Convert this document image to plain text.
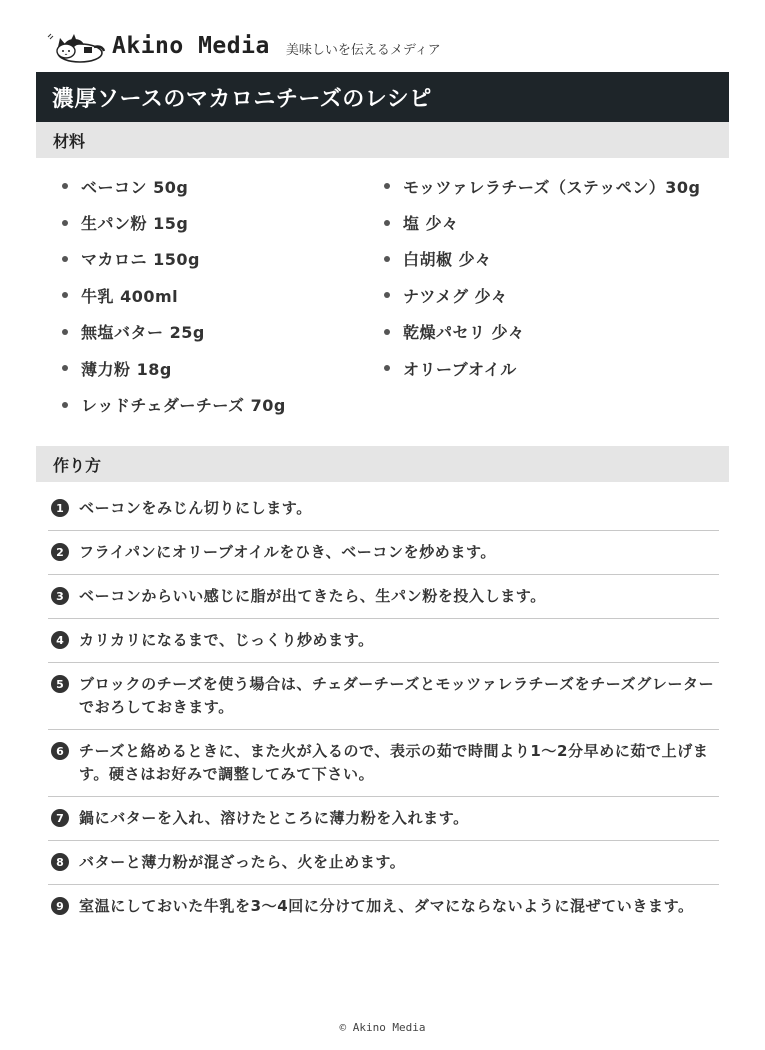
Akino Media 美味しいを伝えるメディア
濃厚ソースのマカロニチーズのレシピ
材料
ベーコン 50g
生パン粉 15g
マカロニ 150g
牛乳 400ml
無塩バター 25g
薄力粉 18g
レッドチェダーチーズ 70g
モッツァレラチーズ（ステッペン）30g
塩 少々
白胡椒 少々
ナツメグ 少々
乾燥パセリ 少々
オリーブオイル
作り方
1	ベーコンをみじん切りにします。
2	フライパンにオリーブオイルをひき、ベーコンを炒めます。
3	ベーコンからいい感じに脂が出てきたら、生パン粉を投入します。
4	カリカリになるまで、じっくり炒めます。
5	ブロックのチーズを使う場合は、チェダーチーズとモッツァレラチーズをチーズグレーターでおろしておきます。
6	チーズと絡めるときに、また火が入るので、表示の茹で時間より1〜2分早めに茹で上げます。硬さはお好みで調整してみて下さい。
7	鍋にバターを入れ、溶けたところに薄力粉を入れます。
8	バターと薄力粉が混ざったら、火を止めます。
9	室温にしておいた牛乳を3〜4回に分けて加え、ダマにならないように混ぜていきます。
© Akino Media
